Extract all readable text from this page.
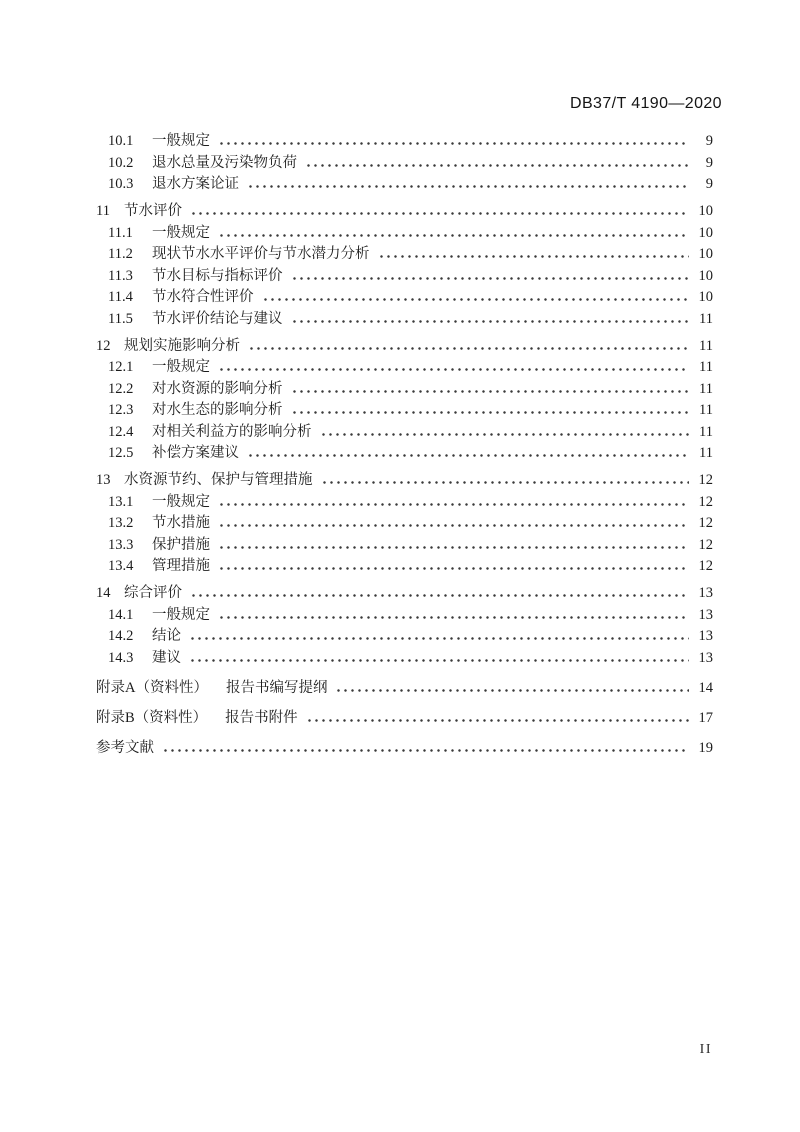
DB37/T 4190—2020
10.1	一般规定	9
10.2	退水总量及污染物负荷	9
10.3	退水方案论证	9
11 节水评价	10
11.1	一般规定	10
11.2	现状节水水平评价与节水潜力分析	10
11.3	节水目标与指标评价	10
11.4	节水符合性评价	10
11.5	节水评价结论与建议	11
12 规划实施影响分析	11
12.1	一般规定	11
12.2	对水资源的影响分析	11
12.3	对水生态的影响分析	11
12.4	对相关利益方的影响分析	11
12.5	补偿方案建议	11
13 水资源节约、保护与管理措施	12
13.1	一般规定	12
13.2	节水措施	12
13.3	保护措施	12
13.4	管理措施	12
14 综合评价	13
14.1	一般规定	13
14.2	结论	13
14.3	建议	13
附录A（资料性） 报告书编写提纲	14
附录B（资料性） 报告书附件	17
参考文献	19
II
